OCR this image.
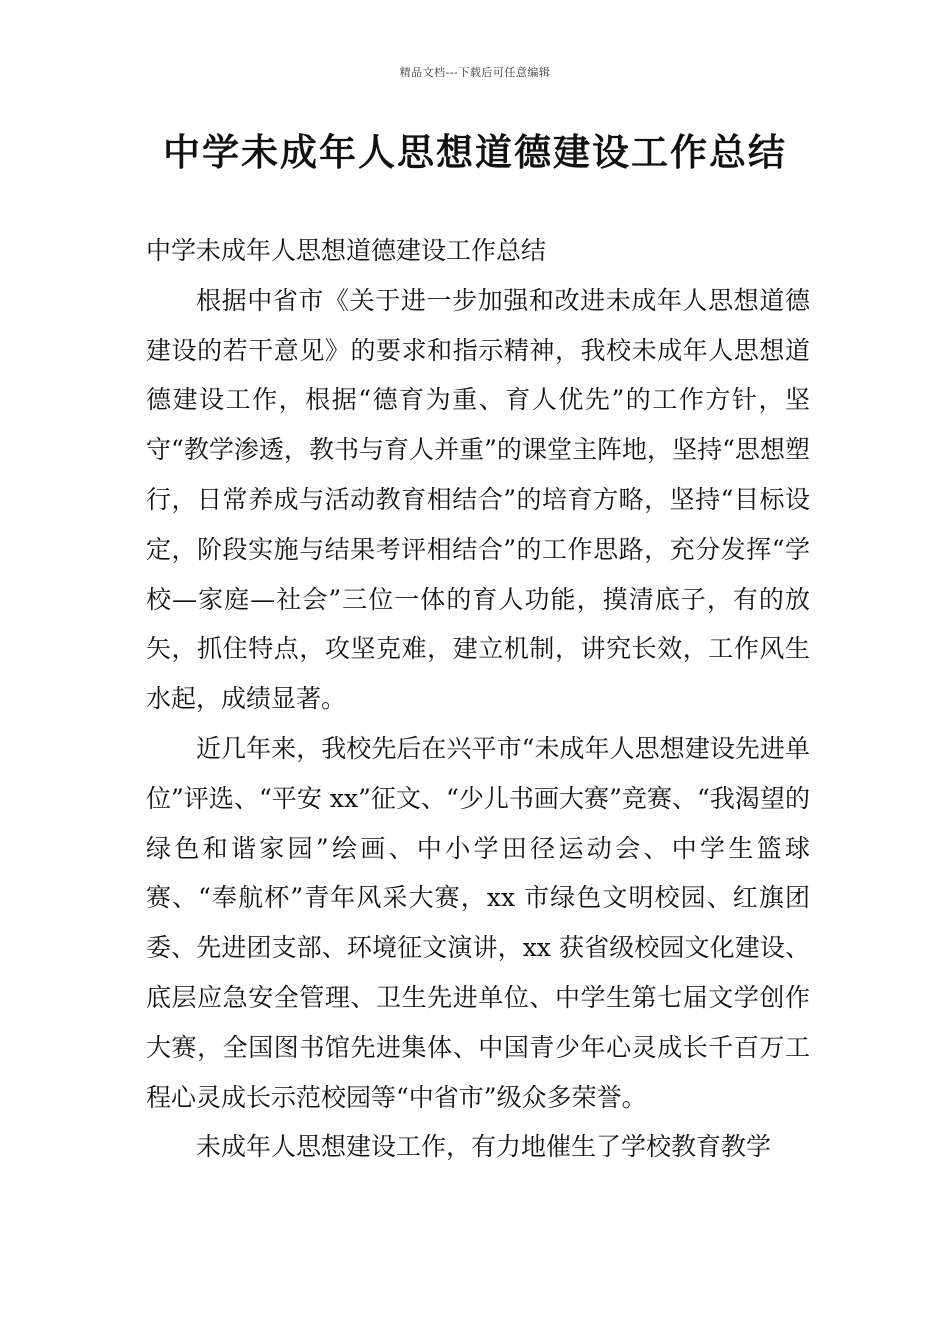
精品文档---下载后可任意编辑
中学未成年人思想道德建设工作总结

中学未成年人思想道德建设工作总结

根据中省市《关于进一步加强和改进未成年人思想道德建设的若干意见》的要求和指示精神，我校未成年人思想道德建设工作，根据“德育为重、育人优先”的工作方针，坚守“教学渗透，教书与育人并重”的课堂主阵地，坚持“思想塑行，日常养成与活动教育相结合”的培育方略，坚持“目标设定，阶段实施与结果考评相结合”的工作思路，充分发挥“学校—家庭—社会”三位一体的育人功能，摸清底子，有的放矢，抓住特点，攻坚克难，建立机制，讲究长效，工作风生水起，成绩显著。

近几年来，我校先后在兴平市“未成年人思想建设先进单位”评选、“平安 xx”征文、“少儿书画大赛”竞赛、“我渴望的绿色和谐家园”绘画、中小学田径运动会、中学生篮球赛、“奉航杯”青年风采大赛，xx 市绿色文明校园、红旗团委、先进团支部、环境征文演讲，xx 获省级校园文化建设、底层应急安全管理、卫生先进单位、中学生第七届文学创作大赛，全国图书馆先进集体、中国青少年心灵成长千百万工程心灵成长示范校园等“中省市”级众多荣誉。

未成年人思想建设工作，有力地催生了学校教育教学
